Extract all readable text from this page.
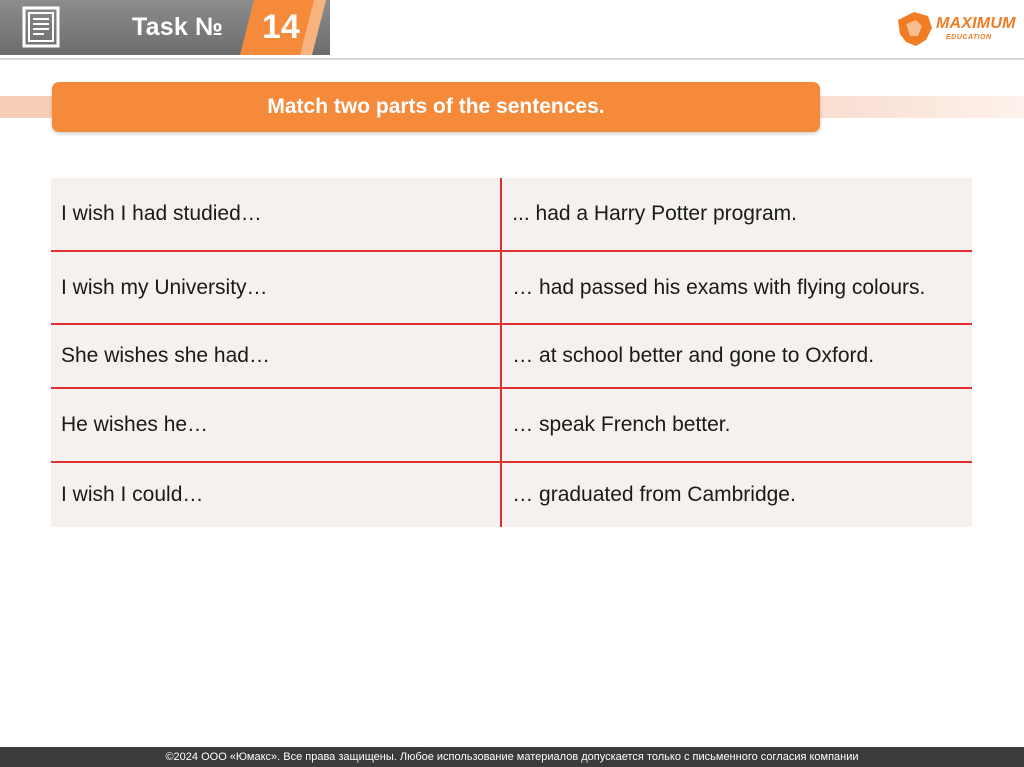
Task № 14	MAXIMUM
EDUCATION
Match two parts of the sentences.
I wish I had studied…	... had a Harry Potter program.
I wish my University…	… had passed his exams with flying colours.
She wishes she had…	… at school better and gone to Oxford.
He wishes he…	… speak French better.
I wish I could…	… graduated from Cambridge.
©2024 ООО «Юмакс». Все права защищены. Любое использование материалов допускается только с письменного согласия компании
